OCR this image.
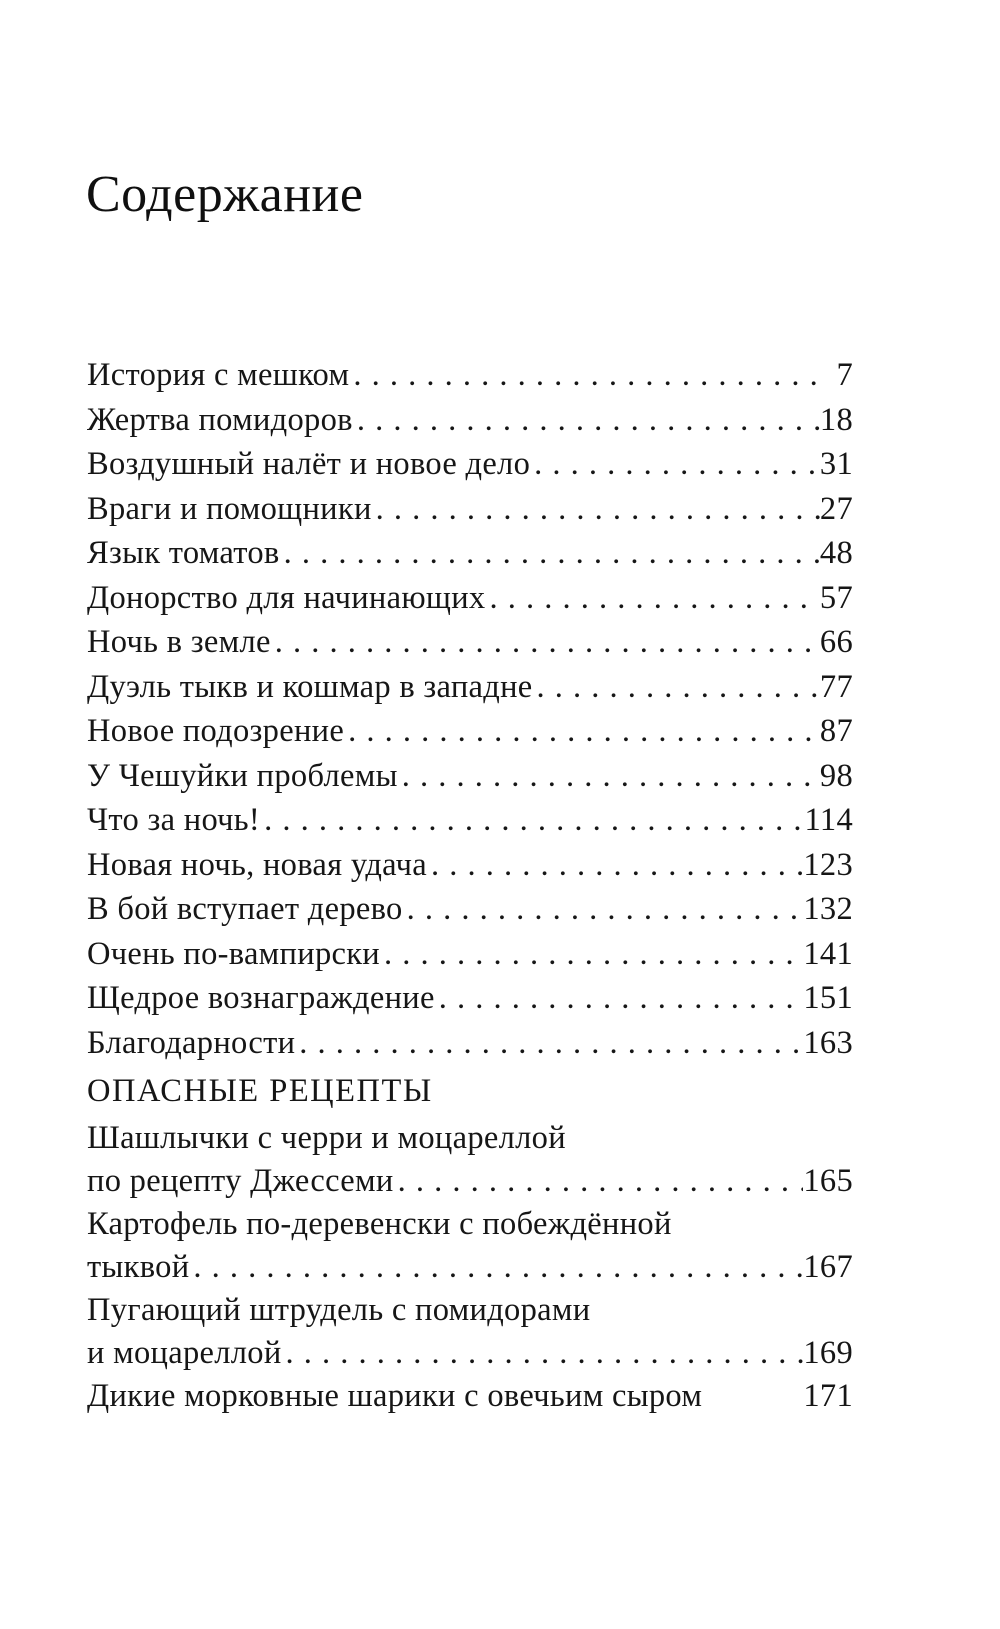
Содержание
История с мешком . . .	7
Жертва помидоров . . .	18
Воздушный налёт и новое дело . . .	31
Враги и помощники . . .	27
Язык томатов . . .	48
Донорство для начинающих . . .	57
Ночь в земле . . .	66
Дуэль тыкв и кошмар в западне . . .	77
Новое подозрение . . .	87
У Чешуйки проблемы . . .	98
Что за ночь! . . .	114
Новая ночь, новая удача . . .	123
В бой вступает дерево . . .	132
Очень по-вампирски . . .	141
Щедрое вознаграждение . . .	151
Благодарности . . .	163
ОПАСНЫЕ РЕЦЕПТЫ
Шашлычки с черри и моцареллой
по рецепту Джессеми . . .	165
Картофель по-деревенски с побеждённой
тыквой . . .	167
Пугающий штрудель с помидорами
и моцареллой . . .	169
Дикие морковные шарики с овечьим сыром	171
